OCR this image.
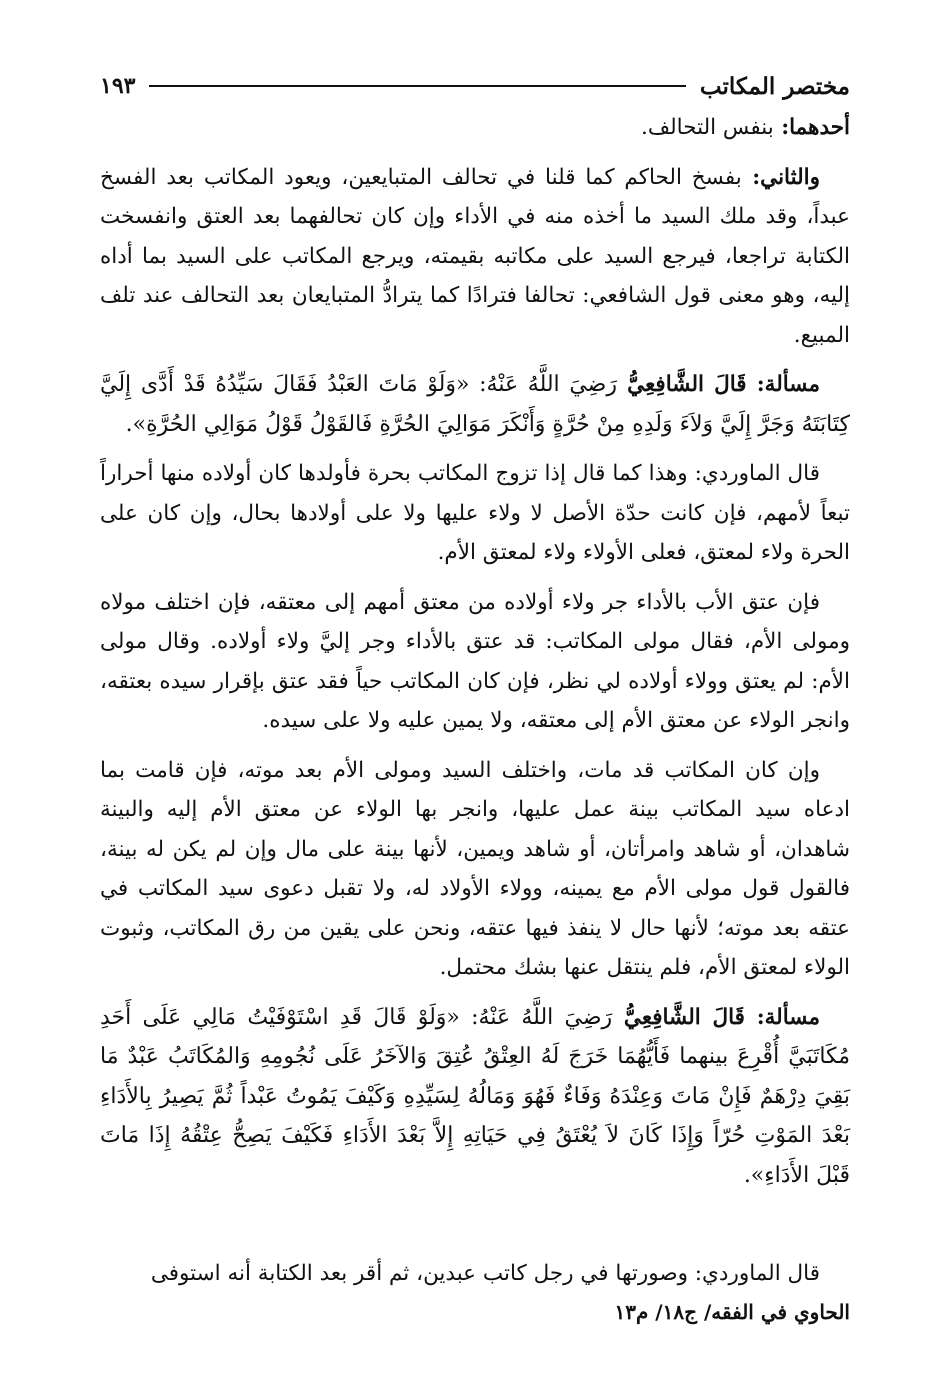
مختصر المكاتب
١٩٣

أحدهما: بنفس التحالف.

والثاني: بفسخ الحاكم كما قلنا في تحالف المتبايعين، ويعود المكاتب بعد الفسخ عبداً، وقد ملك السيد ما أخذه منه في الأداء وإن كان تحالفهما بعد العتق وانفسخت الكتابة تراجعا، فيرجع السيد على مكاتبه بقيمته، ويرجع المكاتب على السيد بما أداه إليه، وهو معنى قول الشافعي: تحالفا فترادًا كما يترادُّ المتبايعان بعد التحالف عند تلف المبيع.

مسألة: قَالَ الشَّافِعِيُّ رَضِيَ اللَّهُ عَنْهُ: «وَلَوْ مَاتَ العَبْدُ فَقَالَ سَيِّدُهُ قَدْ أَدَّى إِلَيَّ كِتَابَتَهُ وَجَرَّ إِلَيَّ وَلاَءَ وَلَدِهِ مِنْ حُرَّةٍ وَأَنْكَرَ مَوَالِيَ الحُرَّةِ فَالقَوْلُ قَوْلُ مَوَالِي الحُرَّةِ».

قال الماوردي: وهذا كما قال إذا تزوج المكاتب بحرة فأولدها كان أولاده منها أحراراً تبعاً لأمهم، فإن كانت حدّة الأصل لا ولاء عليها ولا على أولادها بحال، وإن كان على الحرة ولاء لمعتق، فعلى الأولاء ولاء لمعتق الأم.

فإن عتق الأب بالأداء جر ولاء أولاده من معتق أمهم إلى معتقه، فإن اختلف مولاه ومولى الأم، فقال مولى المكاتب: قد عتق بالأداء وجر إليَّ ولاء أولاده. وقال مولى الأم: لم يعتق وولاء أولاده لي نظر، فإن كان المكاتب حياً فقد عتق بإقرار سيده بعتقه، وانجر الولاء عن معتق الأم إلى معتقه، ولا يمين عليه ولا على سيده.

وإن كان المكاتب قد مات، واختلف السيد ومولى الأم بعد موته، فإن قامت بما ادعاه سيد المكاتب بينة عمل عليها، وانجر بها الولاء عن معتق الأم إليه والبينة شاهدان، أو شاهد وامرأتان، أو شاهد ويمين، لأنها بينة على مال وإن لم يكن له بينة، فالقول قول مولى الأم مع يمينه، وولاء الأولاد له، ولا تقبل دعوى سيد المكاتب في عتقه بعد موته؛ لأنها حال لا ينفذ فيها عتقه، ونحن على يقين من رق المكاتب، وثبوت الولاء لمعتق الأم، فلم ينتقل عنها بشك محتمل.

مسألة: قَالَ الشَّافِعِيُّ رَضِيَ اللَّهُ عَنْهُ: «وَلَوْ قَالَ قَدِ اسْتَوْفَيْتُ مَالِي عَلَى أَحَدِ مُكَاتَبَيَّ أُقْرِعَ بينهما فَأَيُّهُمَا خَرَجَ لَهُ العِتْقُ عُتِقَ وَالآخَرُ عَلَى نُجُومِهِ وَالمُكَاتَبُ عَبْدٌ مَا بَقِيَ دِرْهَمٌ فَإِنْ مَاتَ وَعِنْدَهُ وَفَاءٌ فَهُوَ وَمَالُهُ لِسَيِّدِهِ وَكَيْفَ يَمُوتُ عَبْداً ثُمَّ يَصِيرُ بِالأَدَاءِ بَعْدَ المَوْتِ حُرّاً وَإِذَا كَانَ لاَ يُعْتَقُ فِي حَيَاتِهِ إِلاَّ بَعْدَ الأَدَاءِ فَكَيْفَ يَصِحُّ عِتْقُهُ إِذَا مَاتَ قَبْلَ الأَدَاءِ».

قال الماوردي: وصورتها في رجل كاتب عبدين، ثم أقر بعد الكتابة أنه استوفى
الحاوي في الفقه/ ج١٨/ م١٣
